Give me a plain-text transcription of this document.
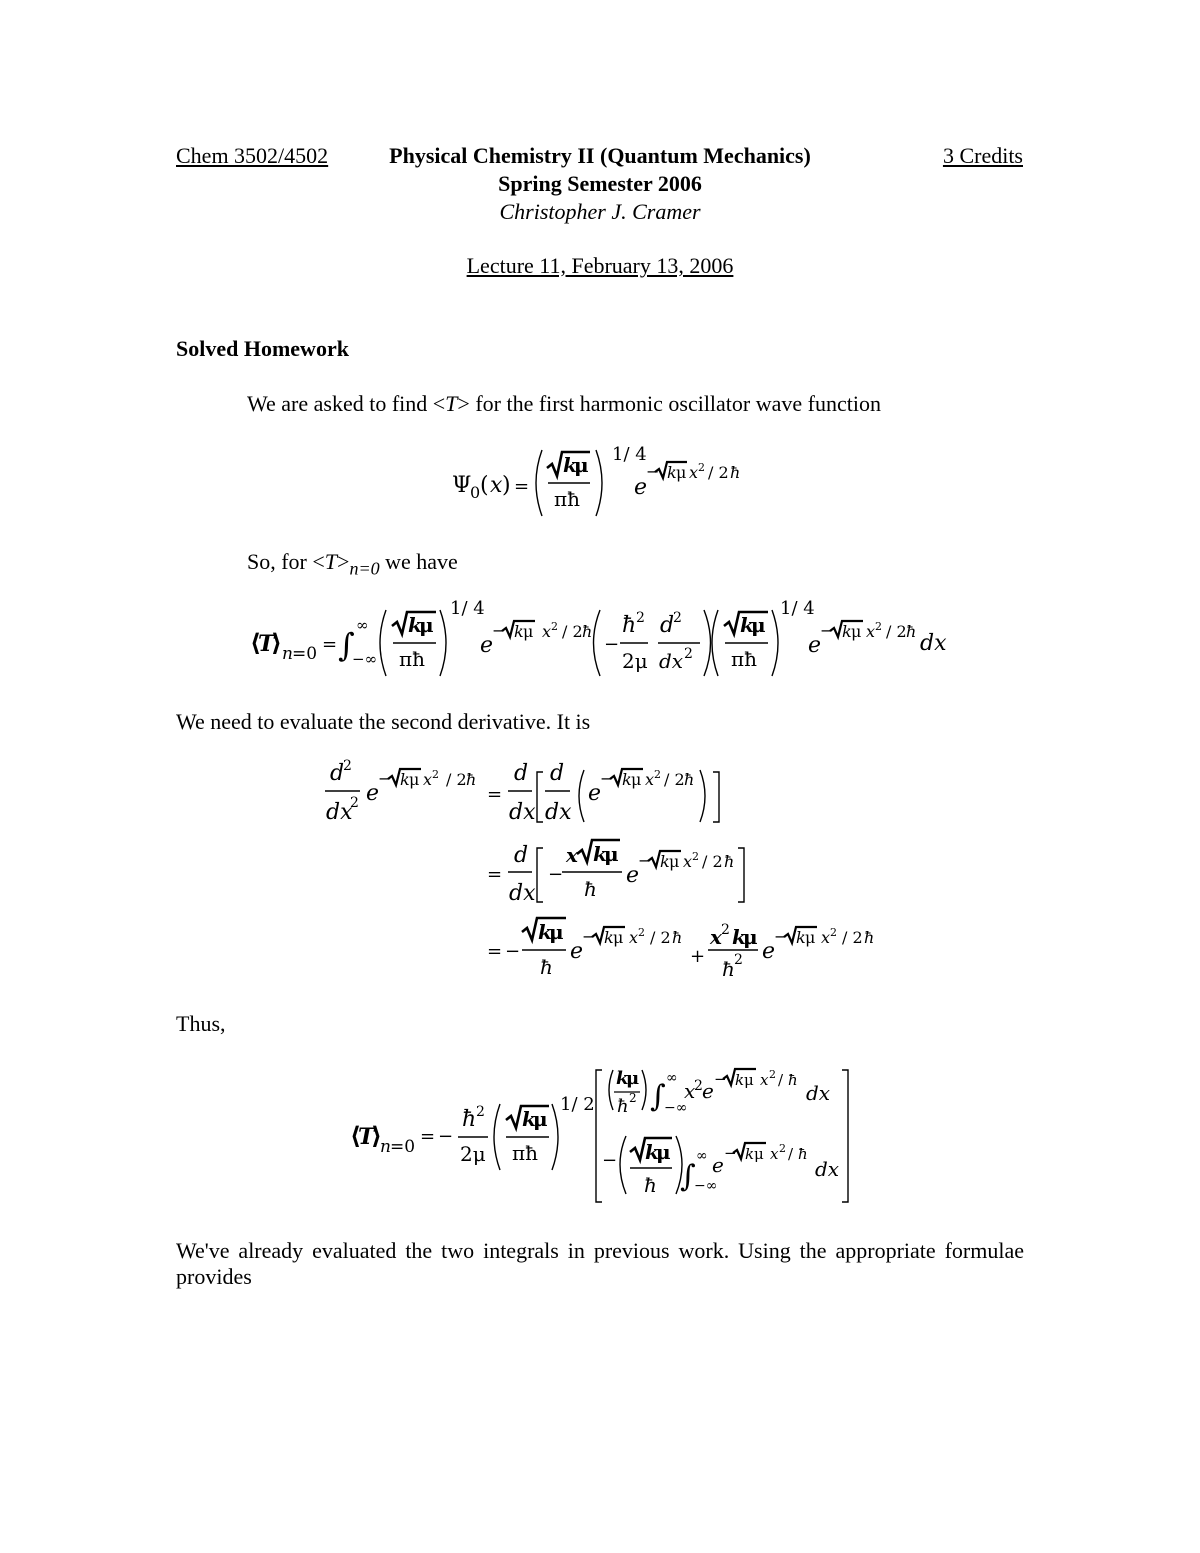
Chem 3502/4502	Physical Chemistry II (Quantum Mechanics)	3 Credits
Spring Semester 2006
Christopher J. Cramer
Lecture 11, February 13, 2006
Solved Homework
We are asked to find <T> for the first harmonic oscillator wave function
So, for $<T>_{n=0}$ we have
We need to evaluate the second derivative. It is
Thus,
We've already evaluated the two integrals in previous work. Using the appropriate formulae provides
Ψ
0 ( x ) =
k
μ
πħ
1/ 4
e
− k μ x 2 / 2 ħ
⟨
T
⟩ n =0 = ∫
∞
−∞
k
μ
πħ
1/ 4
e
− k μ x 2 / 2 ħ
−
ħ 2
2μ
d
2
dx 2
k
μ
πħ
1/ 4
e
− k μ x 2 / 2 ħ dx
d
2
dx
2 e
− k μ x 2 / 2 ħ
=
d
dx
d
dx
e
− k μ x 2 / 2 ħ
=
d
dx
−
x k
μ
ħ
e
− k μ x 2 / 2 ħ
= −
k
μ
ħ
e
− k μ x 2 / 2 ħ
+
x 2 k
μ
ħ 2 e
− k μ x 2 / 2 ħ
⟨
T
⟩
n =0 = −
ħ 2
2μ
k
μ
πħ
1/ 2
k
μ
ħ 2 ∫
∞
−∞
x
2 e − k μ x 2 / ħ
dx
− k
μ
ħ ∫
∞
−∞
e − k μ x 2 / ħ
dx
